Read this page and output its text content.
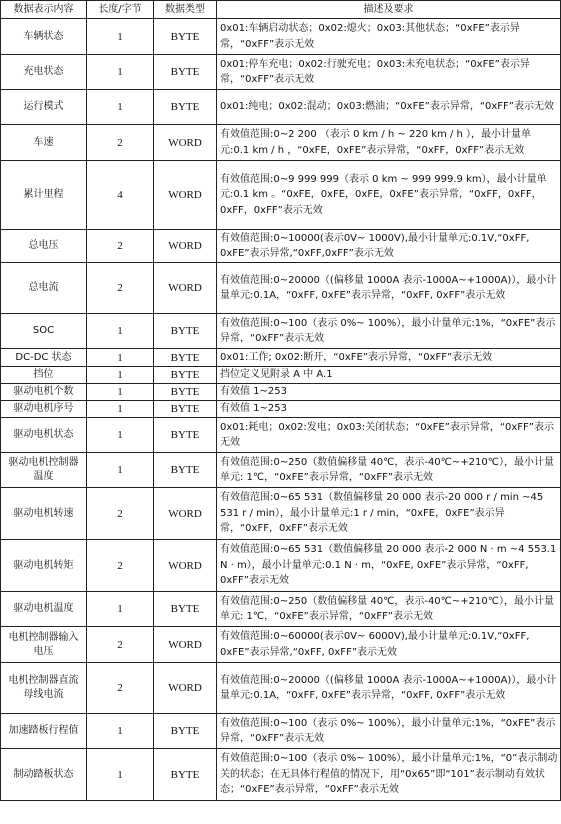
数据表示内容	长度/字节	数据类型	描述及要求
车辆状态	1	BYTE	0x01:车辆启动状态；0x02:熄火；0x03:其他状态；“0xFE”表示异常，“0xFF”表示无效
充电状态	1	BYTE	0x01:停车充电；0x02:行驶充电；0x03:未充电状态；“0xFE”表示异常，“0xFF”表示无效
运行模式	1	BYTE	0x01:纯电；0x02:混动；0x03:燃油；“0xFE”表示异常，“0xFF”表示无效
车速	2	WORD	有效值范围:0~2 200 （表示 0 km / h ~ 220 km / h ），最小计量单元:0.1 km / h ，“0xFE，0xFE”表示异常，“0xFF，0xFF”表示无效
累计里程	4	WORD	有效值范围:0~9 999 999（表示 0 km ~ 999 999.9 km），最小计量单元:0.1 km 。“0xFE，0xFE，0xFE，0xFE”表示异常，“0xFF，0xFF，0xFF，0xFF”表示无效
总电压	2	WORD	有效值范围:0~10000(表示0V~ 1000V),最小计量单元:0.1V,“0xFF, 0xFE”表示异常,“0xFF,0xFF”表示无效
总电流	2	WORD	有效值范围:0~20000（(偏移量 1000A 表示-1000A~+1000A)），最小计量单元:0.1A，“0xFF, 0xFE”表示异常，“0xFF, 0xFF”表示无效
SOC	1	BYTE	有效值范围:0~100（表示 0%~ 100%），最小计量单元:1%，“0xFE”表示异常，“0xFF”表示无效
DC-DC 状态	1	BYTE	0x01:工作; 0x02:断开，“0xFE”表示异常，“0xFF”表示无效
挡位	1	BYTE	挡位定义见附录 A 中 A.1
驱动电机个数	1	BYTE	有效值 1~253
驱动电机序号	1	BYTE	有效值 1~253
驱动电机状态	1	BYTE	0x01:耗电；0x02:发电；0x03:关闭状态；“0xFE”表示异常，“0xFF”表示无效
驱动电机控制器温度	1	BYTE	有效值范围:0~250（数值偏移量 40℃，表示-40℃~+210℃），最小计量单元: 1℃，“0xFE”表示异常，“0xFF”表示无效
驱动电机转速	2	WORD	有效值范围:0~65 531（数值偏移量 20 000 表示-20 000 r / min ~45 531 r / min），最小计量单元:1 r / min，“0xFE，0xFE”表示异常，“0xFF，0xFF”表示无效
驱动电机转矩	2	WORD	有效值范围:0~65 531（数值偏移量 20 000 表示-2 000 N · m ~4 553.1 N · m），最小计量单元:0.1 N · m，“0xFE, 0xFE”表示异常，“0xFF, 0xFF”表示无效
驱动电机温度	1	BYTE	有效值范围:0~250（数值偏移量 40℃，表示-40℃~+210℃），最小计量单元: 1℃，“0xFE”表示异常，“0xFF”表示无效
电机控制器输入电压	2	WORD	有效值范围:0~60000(表示0V~ 6000V),最小计量单元:0.1V,“0xFF, 0xFE”表示异常,“0xFF, 0xFF”表示无效
电机控制器直流母线电流	2	WORD	有效值范围:0~20000（(偏移量 1000A 表示-1000A~+1000A)），最小计量单元:0.1A，“0xFF, 0xFE”表示异常，“0xFF, 0xFF”表示无效
加速踏板行程值	1	BYTE	有效值范围:0~100（表示 0%~ 100%），最小计量单元:1%，“0xFE”表示异常，“0xFF”表示无效
制动踏板状态	1	BYTE	有效值范围:0~100（表示 0%~ 100%），最小计量单元:1%，“0”表示制动关的状态；在无具体行程值的情况下，用“0x65”即“101”表示制动有效状态；“0xFE”表示异常，“0xFF”表示无效
